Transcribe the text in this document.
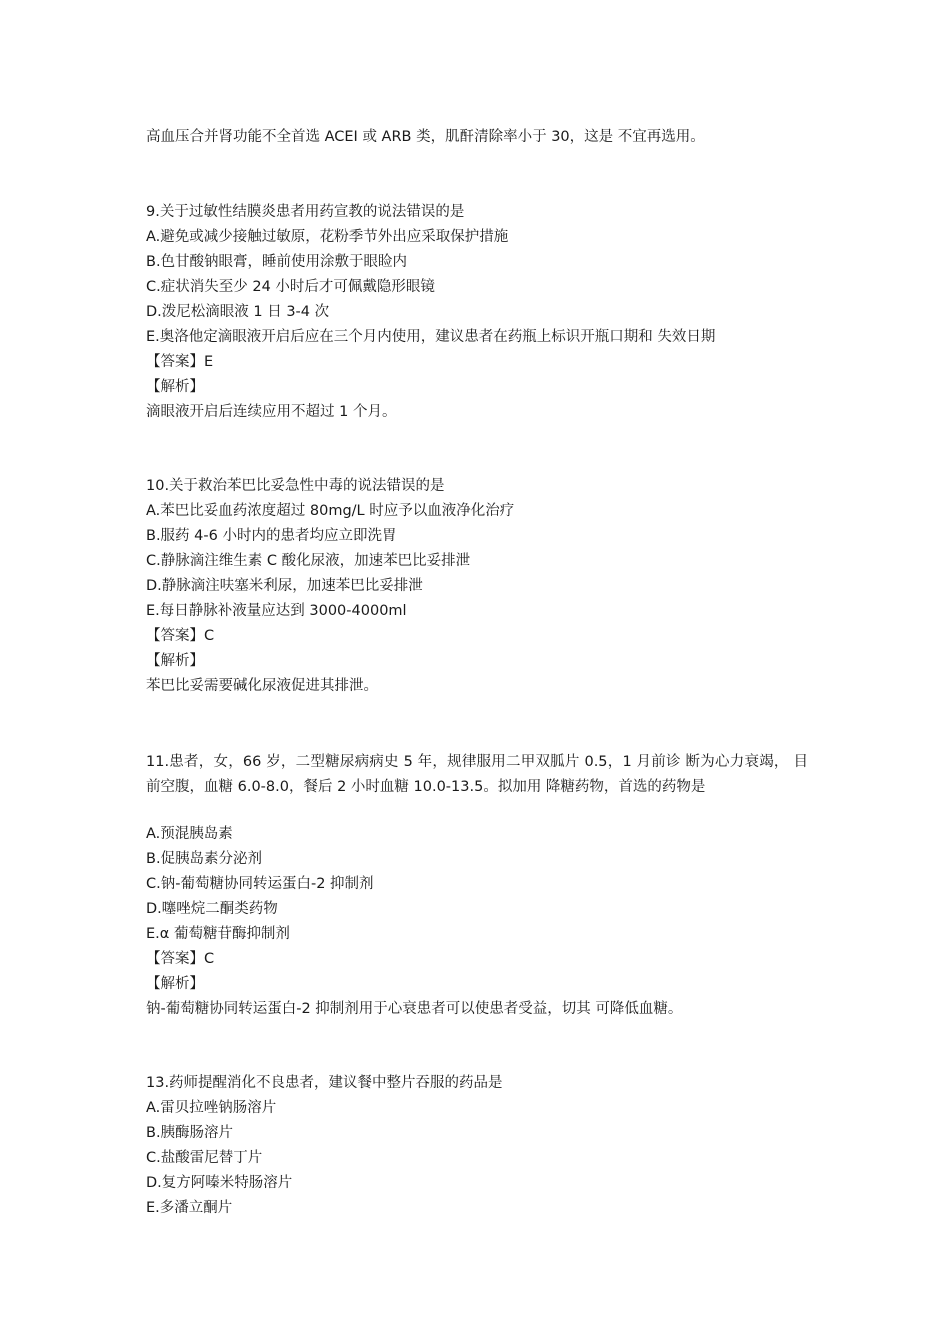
高血压合并肾功能不全首选 ACEI 或 ARB 类，肌酐清除率小于 30，这是 不宜再选用。
9.关于过敏性结膜炎患者用药宣教的说法错误的是
A.避免或减少接触过敏原，花粉季节外出应采取保护措施
B.色甘酸钠眼膏，睡前使用涂敷于眼睑内
C.症状消失至少 24 小时后才可佩戴隐形眼镜
D.泼尼松滴眼液 1 日 3-4 次
E.奥洛他定滴眼液开启后应在三个月内使用，建议患者在药瓶上标识开瓶口期和 失效日期
【答案】E
【解析】
滴眼液开启后连续应用不超过 1 个月。
10.关于救治苯巴比妥急性中毒的说法错误的是
A.苯巴比妥血药浓度超过 80mg/L 时应予以血液净化治疗
B.服药 4-6 小时内的患者均应立即洗胃
C.静脉滴注维生素 C 酸化尿液，加速苯巴比妥排泄
D.静脉滴注呋塞米利尿，加速苯巴比妥排泄
E.每日静脉补液量应达到 3000-4000ml
【答案】C
【解析】
苯巴比妥需要碱化尿液促进其排泄。
11.患者，女，66 岁，二型糖尿病病史 5 年，规律服用二甲双胍片 0.5，1 月前诊 断为心力衰竭， 目前空腹，血糖 6.0-8.0，餐后 2 小时血糖 10.0-13.5。拟加用 降糖药物，首选的药物是
A.预混胰岛素
B.促胰岛素分泌剂
C.钠-葡萄糖协同转运蛋白-2 抑制剂
D.噻唑烷二酮类药物
E.α 葡萄糖苷酶抑制剂
【答案】C
【解析】
钠-葡萄糖协同转运蛋白-2 抑制剂用于心衰患者可以使患者受益，切其 可降低血糖。
13.药师提醒消化不良患者，建议餐中整片吞服的药品是
A.雷贝拉唑钠肠溶片
B.胰酶肠溶片
C.盐酸雷尼替丁片
D.复方阿嗪米特肠溶片
E.多潘立酮片
